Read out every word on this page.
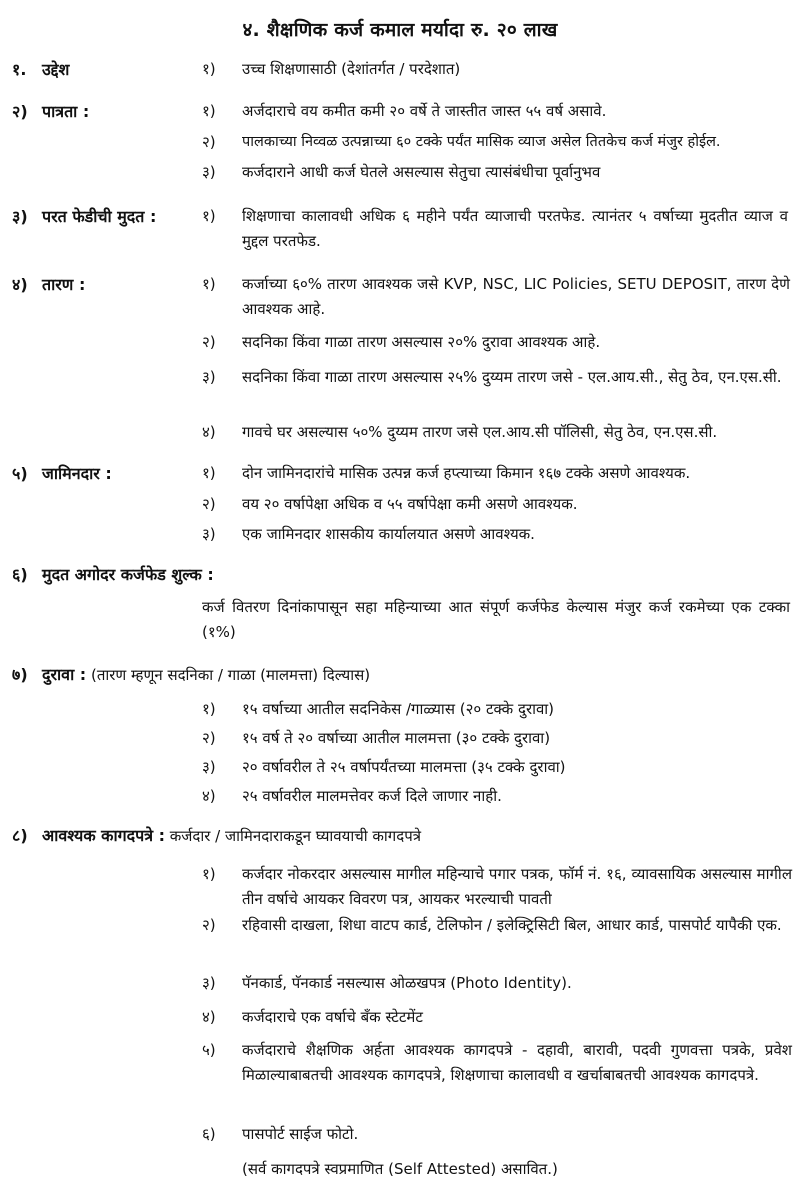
४. शैक्षणिक कर्ज कमाल मर्यादा रु. २० लाख
१. उद्देश	१)	उच्च शिक्षणासाठी (देशांतर्गत / परदेशात)
२) पात्रता :	१)	अर्जदाराचे वय कमीत कमी २० वर्षे ते जास्तीत जास्त ५५ वर्ष असावे.
२)	पालकाच्या निव्वळ उत्पन्नाच्या ६० टक्के पर्यंत मासिक व्याज असेल तितकेच कर्ज मंजुर होईल.
३)	कर्जदाराने आधी कर्ज घेतले असल्यास सेतुचा त्यासंबंधीचा पूर्वानुभव
३) परत फेडीची मुदत :	१)	शिक्षणाचा कालावधी अधिक ६ महीने पर्यंत व्याजाची परतफेड. त्यानंतर ५ वर्षाच्या मुदतीत व्याज व मुद्दल परतफेड.
४) तारण :	१)	कर्जाच्या ६०% तारण आवश्यक जसे KVP, NSC, LIC Policies, SETU DEPOSIT, तारण देणे आवश्यक आहे.
२)	सदनिका किंवा गाळा तारण असल्यास २०% दुरावा आवश्यक आहे.
३)	सदनिका किंवा गाळा तारण असल्यास २५% दुय्यम तारण जसे - एल.आय.सी., सेतु ठेव, एन.एस.सी.
४)	गावचे घर असल्यास ५०% दुय्यम तारण जसे एल.आय.सी पॉलिसी, सेतु ठेव, एन.एस.सी.
५) जामिनदार :	१)	दोन जामिनदारांचे मासिक उत्पन्न कर्ज हप्त्याच्या किमान १६७ टक्के असणे आवश्यक.
२)	वय २० वर्षापेक्षा अधिक व ५५ वर्षापेक्षा कमी असणे आवश्यक.
३)	एक जामिनदार शासकीय कार्यालयात असणे आवश्यक.
६) मुदत अगोदर कर्जफेड शुल्क :
कर्ज वितरण दिनांकापासून सहा महिन्याच्या आत संपूर्ण कर्जफेड केल्यास मंजुर कर्ज रकमेच्या एक टक्का (१%)
७) दुरावा : (तारण म्हणून सदनिका / गाळा (मालमत्ता) दिल्यास)
१)	१५ वर्षाच्या आतील सदनिकेस /गाळ्यास (२० टक्के दुरावा)
२)	१५ वर्ष ते २० वर्षाच्या आतील मालमत्ता (३० टक्के दुरावा)
३)	२० वर्षावरील ते २५ वर्षापर्यंतच्या मालमत्ता (३५ टक्के दुरावा)
४)	२५ वर्षावरील मालमत्तेवर कर्ज दिले जाणार नाही.
८) आवश्यक कागदपत्रे : कर्जदार / जामिनदाराकडून घ्यावयाची कागदपत्रे
१)	कर्जदार नोकरदार असल्यास मागील महिन्याचे पगार पत्रक, फॉर्म नं. १६, व्यावसायिक असल्यास मागील तीन वर्षाचे आयकर विवरण पत्र, आयकर भरल्याची पावती
२)	रहिवासी दाखला, शिधा वाटप कार्ड, टेलिफोन / इलेक्ट्रिसिटी बिल, आधार कार्ड, पासपोर्ट यापैकी एक.
३)	पॅनकार्ड, पॅनकार्ड नसल्यास ओळखपत्र (Photo Identity).
४)	कर्जदाराचे एक वर्षाचे बँक स्टेटमेंट
५)	कर्जदाराचे शैक्षणिक अर्हता आवश्यक कागदपत्रे - दहावी, बारावी, पदवी गुणवत्ता पत्रके, प्रवेश मिळाल्याबाबतची आवश्यक कागदपत्रे, शिक्षणाचा कालावधी व खर्चाबाबतची आवश्यक कागदपत्रे.
६)	पासपोर्ट साईज फोटो.
(सर्व कागदपत्रे स्वप्रमाणित (Self Attested) असावित.)
